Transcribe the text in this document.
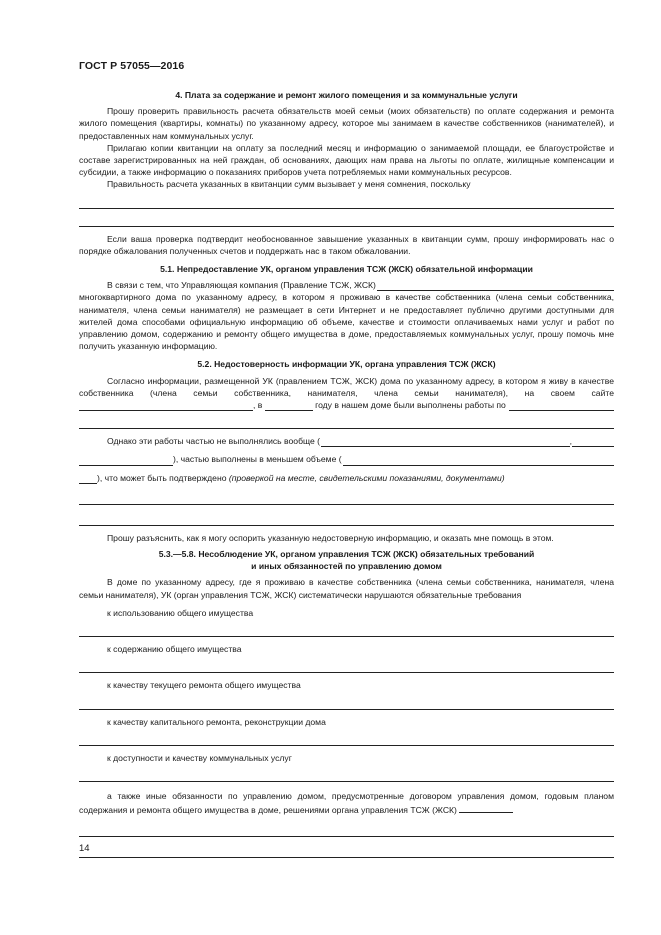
ГОСТ Р 57055—2016
4. Плата за содержание и ремонт жилого помещения и за коммунальные услуги

Прошу проверить правильность расчета обязательств моей семьи (моих обязательств) по оплате содержания и ремонта жилого помещения (квартиры, комнаты) по указанному адресу, которое мы занимаем в качестве собственников (нанимателей), и предоставленных нам коммунальных услуг.

Прилагаю копии квитанции на оплату за последний месяц и информацию о занимаемой площади, ее благоустройстве и составе зарегистрированных на ней граждан, об основаниях, дающих нам права на льготы по оплате, жилищные компенсации и субсидии, а также информацию о показаниях приборов учета потребляемых нами коммунальных ресурсов.

Правильность расчета указанных в квитанции сумм вызывает у меня сомнения, поскольку

Если ваша проверка подтвердит необоснованное завышение указанных в квитанции сумм, прошу информировать нас о порядке обжалования полученных счетов и поддержать нас в таком обжаловании.

5.1. Непредоставление УК, органом управления ТСЖ (ЖСК) обязательной информации
В связи с тем, что Управляющая компания (Правление ТСЖ, ЖСК)

многоквартирного дома по указанному адресу, в котором я проживаю в качестве собственника (члена семьи собственника, нанимателя, члена семьи нанимателя) не размещает в сети Интернет и не предоставляет публично другими доступными для жителей дома способами официальную информацию об объеме, качестве и стоимости оплачиваемых нами услуг и работ по управлению домом, содержанию и ремонту общего имущества в доме, предоставляемых коммунальных услуг, прошу помочь мне получить указанную информацию.

5.2. Недостоверность информации УК, органа управления ТСЖ (ЖСК)

Согласно информации, размещенной УК (правлением ТСЖ, ЖСК) дома по указанному адресу, в котором я живу в качестве собственника (члена семьи собственника, нанимателя, члена семьи нанимателя), на своем сайте

, в

	году в нашем доме были выполнены работы по

Однако эти работы частью не выполнялись вообще (	,
), частью выполнены в меньшем объеме (
), что может быть подтверждено
(проверкой на месте, свидетельскими показаниями, документами)

Прошу разъяснить, как я могу оспорить указанную недостоверную информацию, и оказать мне помощь в этом.

5.3.—5.8. Несоблюдение УК, органом управления ТСЖ (ЖСК) обязательных требований
и иных обязанностей по управлению домом

В доме по указанному адресу, где я проживаю в качестве собственника (члена семьи собственника, нанимателя, члена семьи нанимателя), УК (орган управления ТСЖ, ЖСК) систематически нарушаются обязательные требования

к использованию общего имущества
к содержанию общего имущества
к качеству текущего ремонта общего имущества
к качеству капитального ремонта, реконструкции дома
к доступности и качеству коммунальных услуг

а также иные обязанности по управлению домом, предусмотренные договором управления домом, годовым планом содержания и ремонта общего имущества в доме, решениями органа управления ТСЖ (ЖСК)

14
